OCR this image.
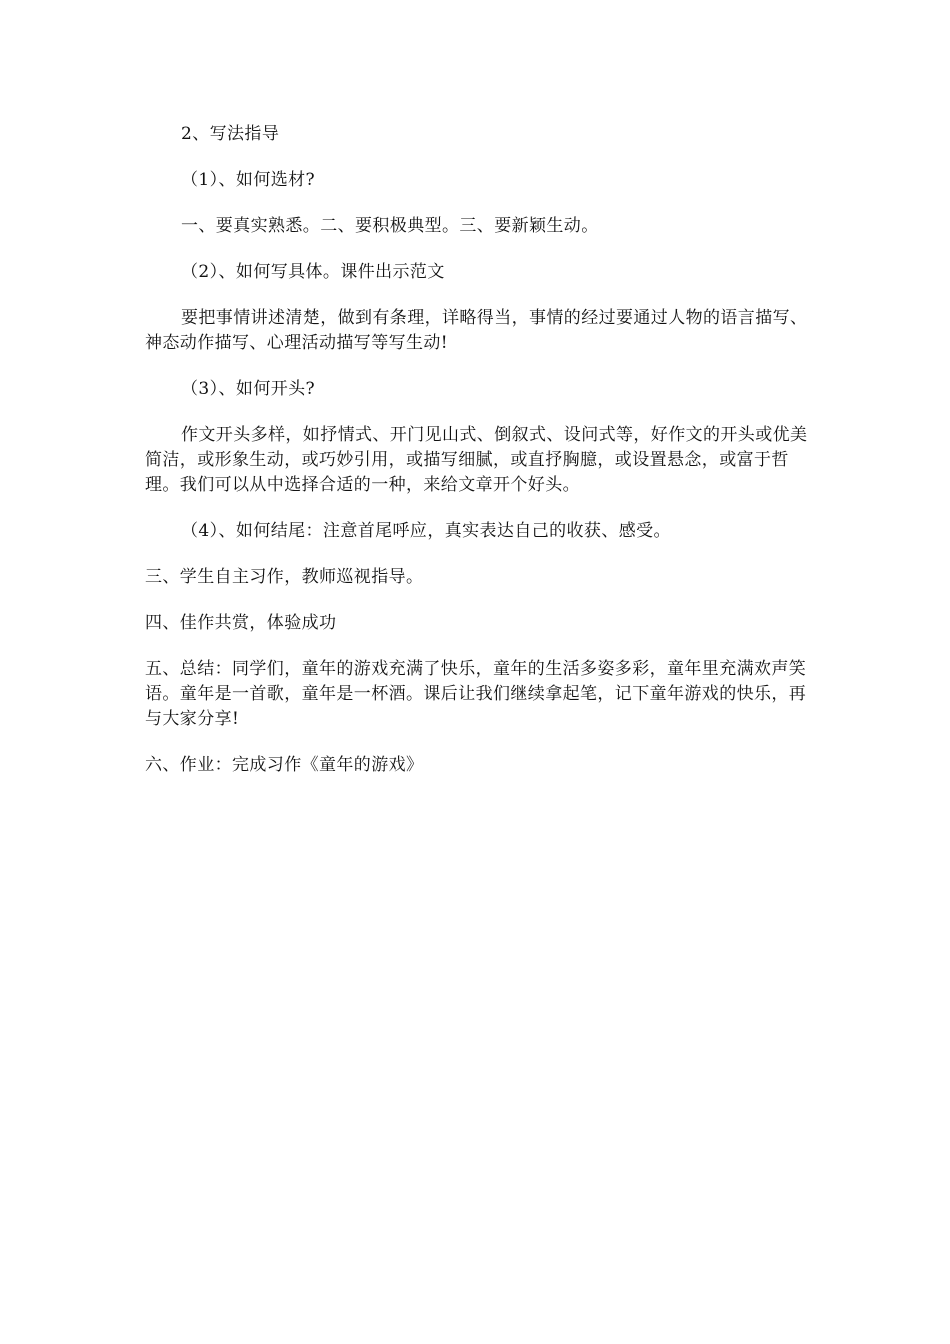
2、写法指导

（1）、如何选材?

一、要真实熟悉。二、要积极典型。三、要新颖生动。

（2）、如何写具体。课件出示范文

要把事情讲述清楚，做到有条理，详略得当，事情的经过要通过人物的语言描写、神态动作描写、心理活动描写等写生动!

（3）、如何开头?

作文开头多样，如抒情式、开门见山式、倒叙式、设问式等，好作文的开头或优美简洁，或形象生动，或巧妙引用，或描写细腻，或直抒胸臆，或设置悬念，或富于哲理。我们可以从中选择合适的一种，来给文章开个好头。

（4）、如何结尾：注意首尾呼应，真实表达自己的收获、感受。

三、学生自主习作，教师巡视指导。

四、佳作共赏，体验成功

五、总结：同学们，童年的游戏充满了快乐，童年的生活多姿多彩，童年里充满欢声笑语。童年是一首歌，童年是一杯酒。课后让我们继续拿起笔，记下童年游戏的快乐，再与大家分享!

六、作业：完成习作《童年的游戏》
